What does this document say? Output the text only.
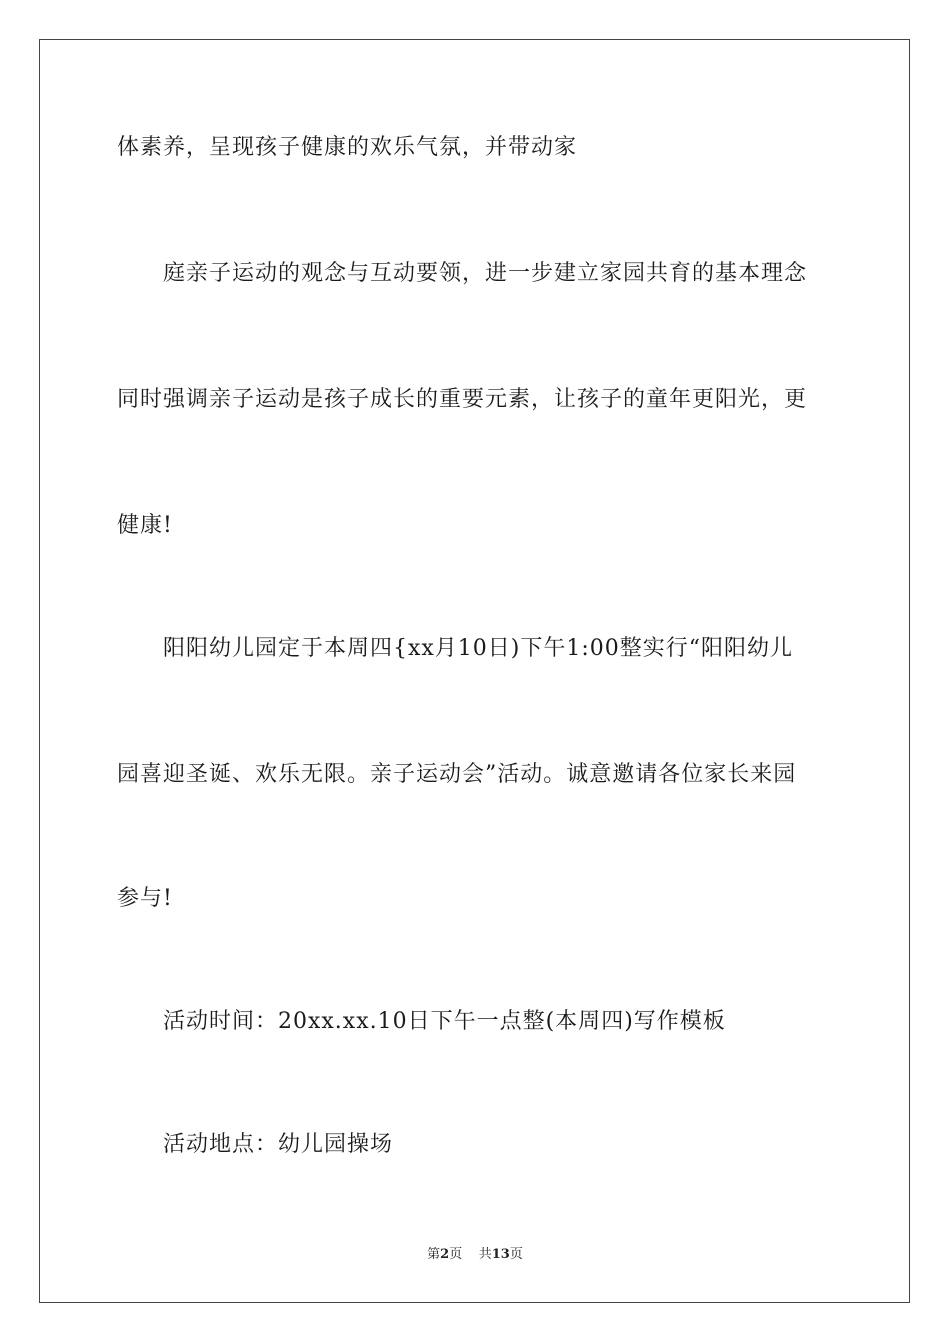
体素养，呈现孩子健康的欢乐气氛，并带动家
庭亲子运动的观念与互动要领，进一步建立家园共育的基本理念
同时强调亲子运动是孩子成长的重要元素，让孩子的童年更阳光，更
健康!
阳阳幼儿园定于本周四{xx月10日)下午1:00整实行“阳阳幼儿
园喜迎圣诞、欢乐无限。亲子运动会”活动。诚意邀请各位家长来园
参与!
活动时间：20xx.xx.10日下午一点整(本周四)写作模板
活动地点：幼儿园操场
第2页 共13页
